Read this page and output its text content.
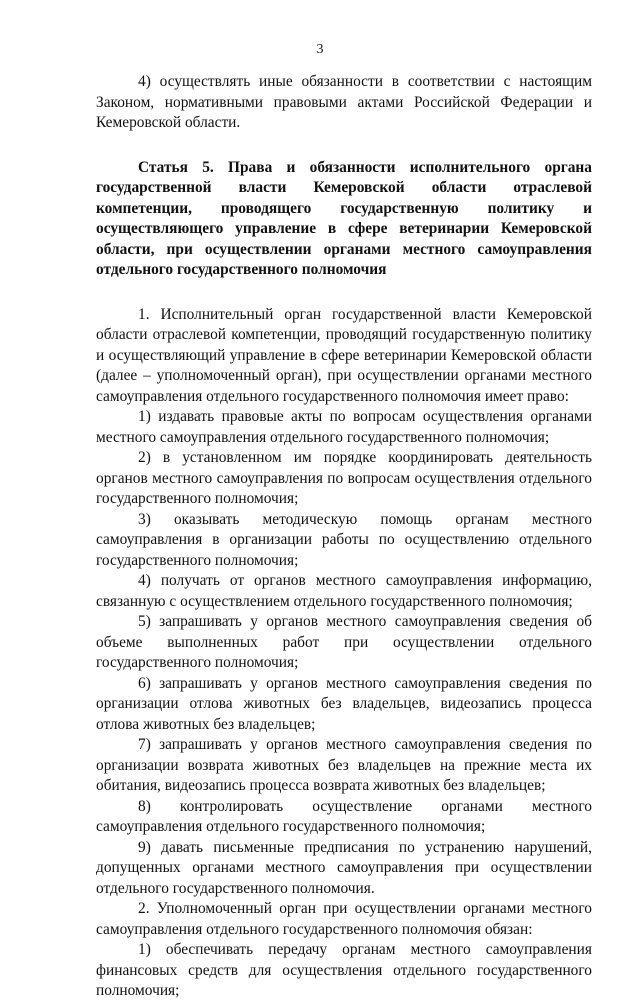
3

4) осуществлять иные обязанности в соответствии с настоящим Законом, нормативными правовыми актами Российской Федерации и Кемеровской области.

Статья 5. Права и обязанности исполнительного органа государственной власти Кемеровской области отраслевой компетенции, проводящего государственную политику и осуществляющего управление в сфере ветеринарии Кемеровской области, при осуществлении органами местного самоуправления отдельного государственного полномочия

1. Исполнительный орган государственной власти Кемеровской области отраслевой компетенции, проводящий государственную политику и осуществляющий управление в сфере ветеринарии Кемеровской области (далее – уполномоченный орган), при осуществлении органами местного самоуправления отдельного государственного полномочия имеет право:

1) издавать правовые акты по вопросам осуществления органами местного самоуправления отдельного государственного полномочия;

2) в установленном им порядке координировать деятельность органов местного самоуправления по вопросам осуществления отдельного государственного полномочия;

3) оказывать методическую помощь органам местного самоуправления в организации работы по осуществлению отдельного государственного полномочия;

4) получать от органов местного самоуправления информацию, связанную с осуществлением отдельного государственного полномочия;

5) запрашивать у органов местного самоуправления сведения об объеме выполненных работ при осуществлении отдельного государственного полномочия;

6) запрашивать у органов местного самоуправления сведения по организации отлова животных без владельцев, видеозапись процесса отлова животных без владельцев;

7) запрашивать у органов местного самоуправления сведения по организации возврата животных без владельцев на прежние места их обитания, видеозапись процесса возврата животных без владельцев;

8) контролировать осуществление органами местного самоуправления отдельного государственного полномочия;

9) давать письменные предписания по устранению нарушений, допущенных органами местного самоуправления при осуществлении отдельного государственного полномочия.

2. Уполномоченный орган при осуществлении органами местного самоуправления отдельного государственного полномочия обязан:

1) обеспечивать передачу органам местного самоуправления финансовых средств для осуществления отдельного государственного полномочия;
